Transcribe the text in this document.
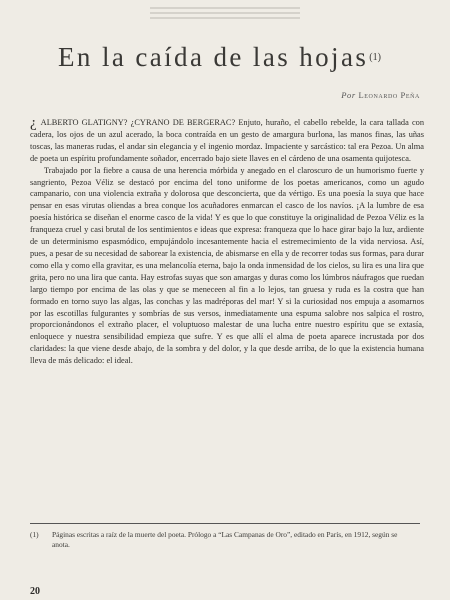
En la caída de las hojas$^{(1)}$
Por Leonardo Peña

¿ ALBERTO GLATIGNY? ¿CYRANO DE BERGERAC? Enjuto, huraño, el cabello rebelde, la cara tallada con cadera, los ojos de un azul acerado, la boca contraída en un gesto de amargura burlona, las manos finas, las uñas toscas, las maneras rudas, el andar sin elegancia y el ingenio mordaz. Impaciente y sarcástico: tal era Pezoa. Un alma de poeta un espíritu profundamente soñador, encerrado bajo siete llaves en el cárdeno de una osamenta quijotesca.

Trabajado por la fiebre a causa de una herencia mórbida y anegado en el claroscuro de un humorismo fuerte y sangriento, Pezoa Véliz se destacó por encima del tono uniforme de los poetas americanos, como un agudo campanario, con una violencia extraña y dolorosa que desconcierta, que da vértigo. Es una poesía la suya que hace pensar en esas virutas oliendas a brea conque los acuñadores enmarcan el casco de los navíos. ¡A la lumbre de esa poesía histórica se diseñan el enorme casco de la vida! Y es que lo que constituye la originalidad de Pezoa Véliz es la franqueza cruel y casi brutal de los sentimientos e ideas que expresa: franqueza que lo hace girar bajo la luz, ardiente de un determinismo espasmódico, empujándolo incesantemente hacia el estremecimiento de la vida nerviosa. Así, pues, a pesar de su necesidad de saborear la existencia, de abismarse en ella y de recorrer todas sus formas, para durar como ella y como ella gravitar, es una melancolía eterna, bajo la onda inmensidad de los cielos, su lira es una lira que grita, pero no una lira que canta. Hay estrofas suyas que son amargas y duras como los lúmbros náufragos que ruedan largo tiempo por encima de las olas y que se meneceen al fin a lo lejos, tan gruesa y ruda es la costra que han formado en torno suyo las algas, las conchas y las madréporas del mar! Y si la curiosidad nos empuja a asomarnos por las escotillas fulgurantes y sombrías de sus versos, inmediatamente una espuma salobre nos salpica el rostro, proporcionándonos el extraño placer, el voluptuoso malestar de una lucha entre nuestro espíritu que se extasía, enloquece y nuestra sensibilidad empieza que sufre. Y es que allí el alma de poeta aparece incrustada por dos claridades: la que viene desde abajo, de la sombra y del dolor, y la que desde arriba, de lo que la existencia humana lleva de más delicado: el ideal.

(1) Páginas escritas a raíz de la muerte del poeta. Prólogo a “Las Campanas de Oro”, editado en París, en 1912, según se anota.
20
